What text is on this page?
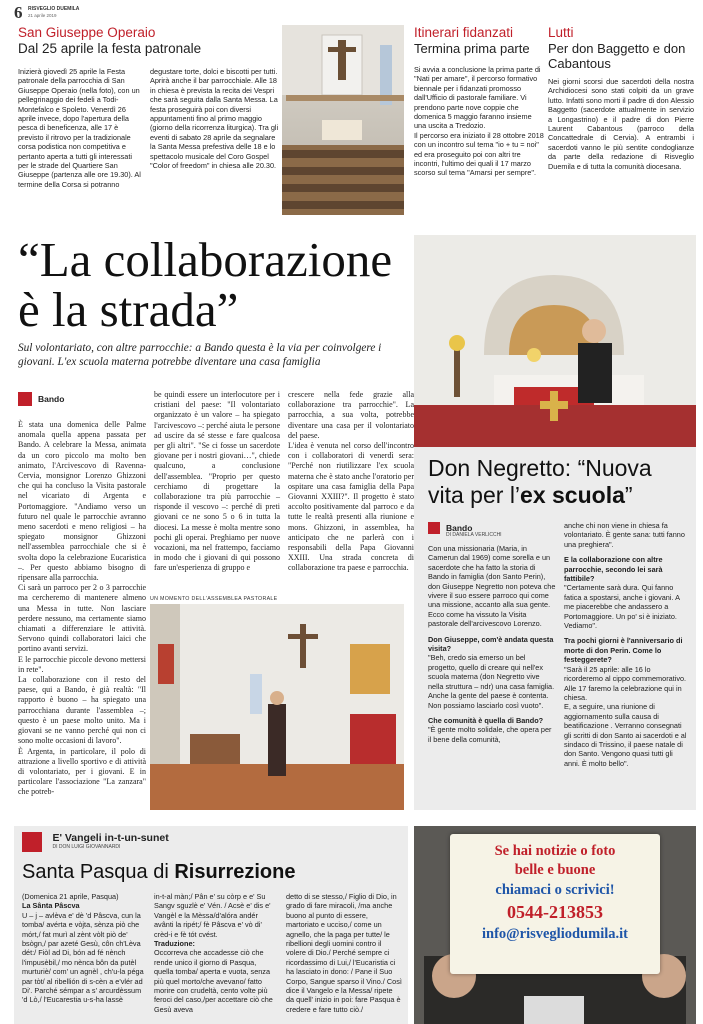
6 RISVEGLIO DUEMILA
21 aprile 2019
San Giuseppe Operaio
Dal 25 aprile la festa patronale

Inizierà giovedì 25 aprile la Festa patronale della parrocchia di San Giuseppe Operaio (nella foto), con un pellegrinaggio dei fedeli a Todi-Montefalco e Spoleto. Venerdì 26 aprile invece, dopo l'apertura della pesca di beneficenza, alle 17 è previsto il ritrovo per la tradizionale corsa podistica non competitiva e pertanto aperta a tutti gli interessati per le strade del Quartiere San Giuseppe (partenza alle ore 19.30). Al termine della Corsa si potranno

degustare torte, dolci e biscotti per tutti. Aprirà anche il bar parrocchiale. Alle 18 in chiesa è prevista la recita dei Vespri che sarà seguita dalla Santa Messa. La festa proseguirà poi con diversi appuntamenti fino al primo maggio (giorno della ricorrenza liturgica). Tra gli eventi di sabato 28 aprile da segnalare la Santa Messa prefestiva delle 18 e lo spettacolo musicale del Coro Gospel "Color of freedom" in chiesa alle 20.30.

Itinerari fidanzati
Termina prima parte

Si avvia a conclusione la prima parte di "Nati per amare", il percorso formativo biennale per i fidanzati promosso dall'Ufficio di pastorale familiare. Vi prendono parte nove coppie che domenica 5 maggio faranno insieme una uscita a Tredozio.

Il percorso era iniziato il 28 ottobre 2018 con un incontro sul tema "io + tu = noi" ed era proseguito poi con altri tre incontri, l'ultimo dei quali il 17 marzo scorso sul tema "Amarsi per sempre".

Lutti
Per don Baggetto e don Cabantous

Nei giorni scorsi due sacerdoti della nostra Archidiocesi sono stati colpiti da un grave lutto. Infatti sono morti il padre di don Alessio Baggetto (sacerdote attualmente in servizio a Longastrino) e il padre di don Pierre Laurent Cabantous (parroco della Concattedrale di Cervia). A entrambi i sacerdoti vanno le più sentite condoglianze da parte della redazione di Risveglio Duemila e di tutta la comunità diocesana.

“La collaborazione
è la strada”
Sul volontariato, con altre parrocchie: a Bando questa è la via per coinvolgere i giovani. L'ex scuola materna potrebbe diventare una casa famiglia
Bando

È stata una domenica delle Palme anomala quella appena passata per Bando. A celebrare la Messa, animata da un coro piccolo ma molto ben animato, l'Arcivescovo di Ravenna-Cervia, monsignor Lorenzo Ghizzoni che qui ha concluso la Visita pastorale nel vicariato di Argenta e Portomaggiore. "Andiamo verso un futuro nel quale le parrocchie avranno meno sacerdoti e meno religiosi – ha spiegato monsignor Ghizzoni nell'assemblea parrocchiale che si è svolta dopo la celebrazione Eucaristica –. Per questo abbiamo bisogno di ripensare alla parrocchia.

Ci sarà un parroco per 2 o 3 parrocchie ma cercheremo di mantenere almeno una Messa in tutte. Non lasciare perdere nessuno, ma certamente siamo chiamati a differenziare le attività. Servono quindi collaboratori laici che portino avanti servizi.

E le parrocchie piccole devono mettersi in rete".

La collaborazione con il resto del paese, qui a Bando, è già realtà: "Il rapporto è buono – ha spiegato una parrocchiana durante l'assemblea –; questo è un paese molto unito. Ma i giovani se ne vanno perché qui non ci sono molte occasioni di lavoro".

È Argenta, in particolare, il polo di attrazione a livello sportivo e di attività di volontariato, per i giovani. E in particolare l'associazione "La zanzara" che potreb-

be quindi essere un interlocutore per i cristiani del paese: "Il volontariato organizzato è un valore – ha spiegato l'arcivescovo –: perché aiuta le persone ad uscire da sé stesse e fare qualcosa per gli altri". "Se ci fosse un sacerdote giovane per i nostri giovani…", chiede qualcuno, a conclusione dell'assemblea. "Proprio per questo cerchiamo di progettare la collaborazione tra più parrocchie – risponde il vescovo –: perché di preti giovani ce ne sono 5 o 6 in tutta la diocesi. La messe è molta mentre sono pochi gli operai. Preghiamo per nuove vocazioni, ma nel frattempo, facciamo in modo che i giovani di qui possono fare un'esperienza di gruppo e

crescere nella fede grazie alla collaborazione tra parrocchie". La parrocchia, a sua volta, potrebbe diventare una casa per il volontariato del paese.

L'idea è venuta nel corso dell'incontro con i collaboratori di venerdì sera: "Perché non riutilizzare l'ex scuola materna che è stato anche l'oratorio per ospitare una casa famiglia della Papa Giovanni XXIII?". Il progetto è stato accolto positivamente dal parroco e da tutte le realtà presenti alla riunione e mons. Ghizzoni, in assemblea, ha anticipato che ne parlerà con i responsabili della Papa Giovanni XXIII. Una strada concreta di collaborazione tra paese e parrocchia.

UN MOMENTO DELL'ASSEMBLEA PASTORALE
Don Negretto: “Nuova vita per l’ex scuola”
Bando
DI DANIELA VERLICCHI

Con una missionaria (Maria, in Camerun dal 1969) come sorella e un sacerdote che ha fatto la storia di Bando in famiglia (don Santo Perin), don Giuseppe Negretto non poteva che vivere il suo essere parroco qui come una missione, accanto alla sua gente. Ecco come ha vissuto la Visita pastorale dell'arcivescovo Lorenzo.

Don Giuseppe, com'è andata questa visita?

"Beh, credo sia emerso un bel progetto, quello di creare qui nell'ex scuola materna (don Negretto vive nella struttura – ndr) una casa famiglia. Anche la gente del paese è contenta. Non possiamo lasciarlo così vuoto".

Che comunità è quella di Bando?

"È gente molto solidale, che opera per il bene della comunità,

anche chi non viene in chiesa fa volontariato. È gente sana: tutti fanno una preghiera".

E la collaborazione con altre parrocchie, secondo lei sarà fattibile?

"Certamente sarà dura. Qui fanno fatica a spostarsi, anche i giovani. A me piacerebbe che andassero a Portomaggiore. Un po' si è iniziato. Vediamo".

Tra pochi giorni è l'anniversario di morte di don Perin. Come lo festeggerete?

"Sarà il 25 aprile: alle 16 lo ricorderemo al cippo commemorativo. Alle 17 faremo la celebrazione qui in chiesa.

E, a seguire, una riunione di aggiornamento sulla causa di beatificazione . Verranno consegnati gli scritti di don Santo ai sacerdoti e al sindaco di Trissino, il paese natale di don Santo. Vengono quasi tutti gli anni. È molto bello".

E' Vangeli in-t-un-sunet
DI DON LUIGI GIOVANNARDI
Santa Pasqua di Risurrezione

(Domenica 21 aprile, Pasqua)

La Sânta Pâscva

U – j – avlèva e' dè 'd Pâscva, cun la tomba/ avérta e vòjta, sènza piò che mórt,/ fat murì al zènt vòlt piò de' bsògn,/ par azeté Gesù, côn ch'Lèva dét:/ Fiòl ad Di, bón ad fé nènch l'impusèbil,/ mo nènca bôn da putèl murturiè/ com' un agnèl , ch'u-la péga par tòt/ al ribellión di s-cèn a e'vlér ad Di'. Parché sémpar a s' arcurdèssum 'd Lò,/ l'Eucarestia u-s-ha lassè

in-t-al màn;/ Pân e' su còrp e e' Su Sangv sguzlè e' Vén. / Acsè e' dis e' Vangèl e la Mèssa/d'alóra andér avânti la ripét;/ fè Pâscva e' vò di' crèd-i e fè tót cvést.

Traduzione:

Occorreva che accadesse ciò che rende unico il giorno di Pasqua, quella tomba/ aperta e vuota, senza più quel morto/che avevano/ fatto morire con crudeltà, cento volte più feroci del caso,/per accettare ciò che Gesù aveva

detto di se stesso,/ Figlio di Dio, in grado di fare miracoli, /ma anche buono al punto di essere, martoriato e ucciso,/ come un agnello, che la paga per tutte/ le ribellioni degli uomini contro il volere di Dio./ Perché sempre ci ricordassimo di Lui,/ l'Eucaristia ci ha lasciato in dono: / Pane il Suo Corpo, Sangue sparso il Vino./ Così dice il Vangelo e la Messa/ ripete da quell' inizio in poi: fare Pasqua è credere e fare tutto ciò./

Se hai notizie o foto
belle e buone
chiamaci o scrivici!
0544-213853
info@risvegliodumila.it
